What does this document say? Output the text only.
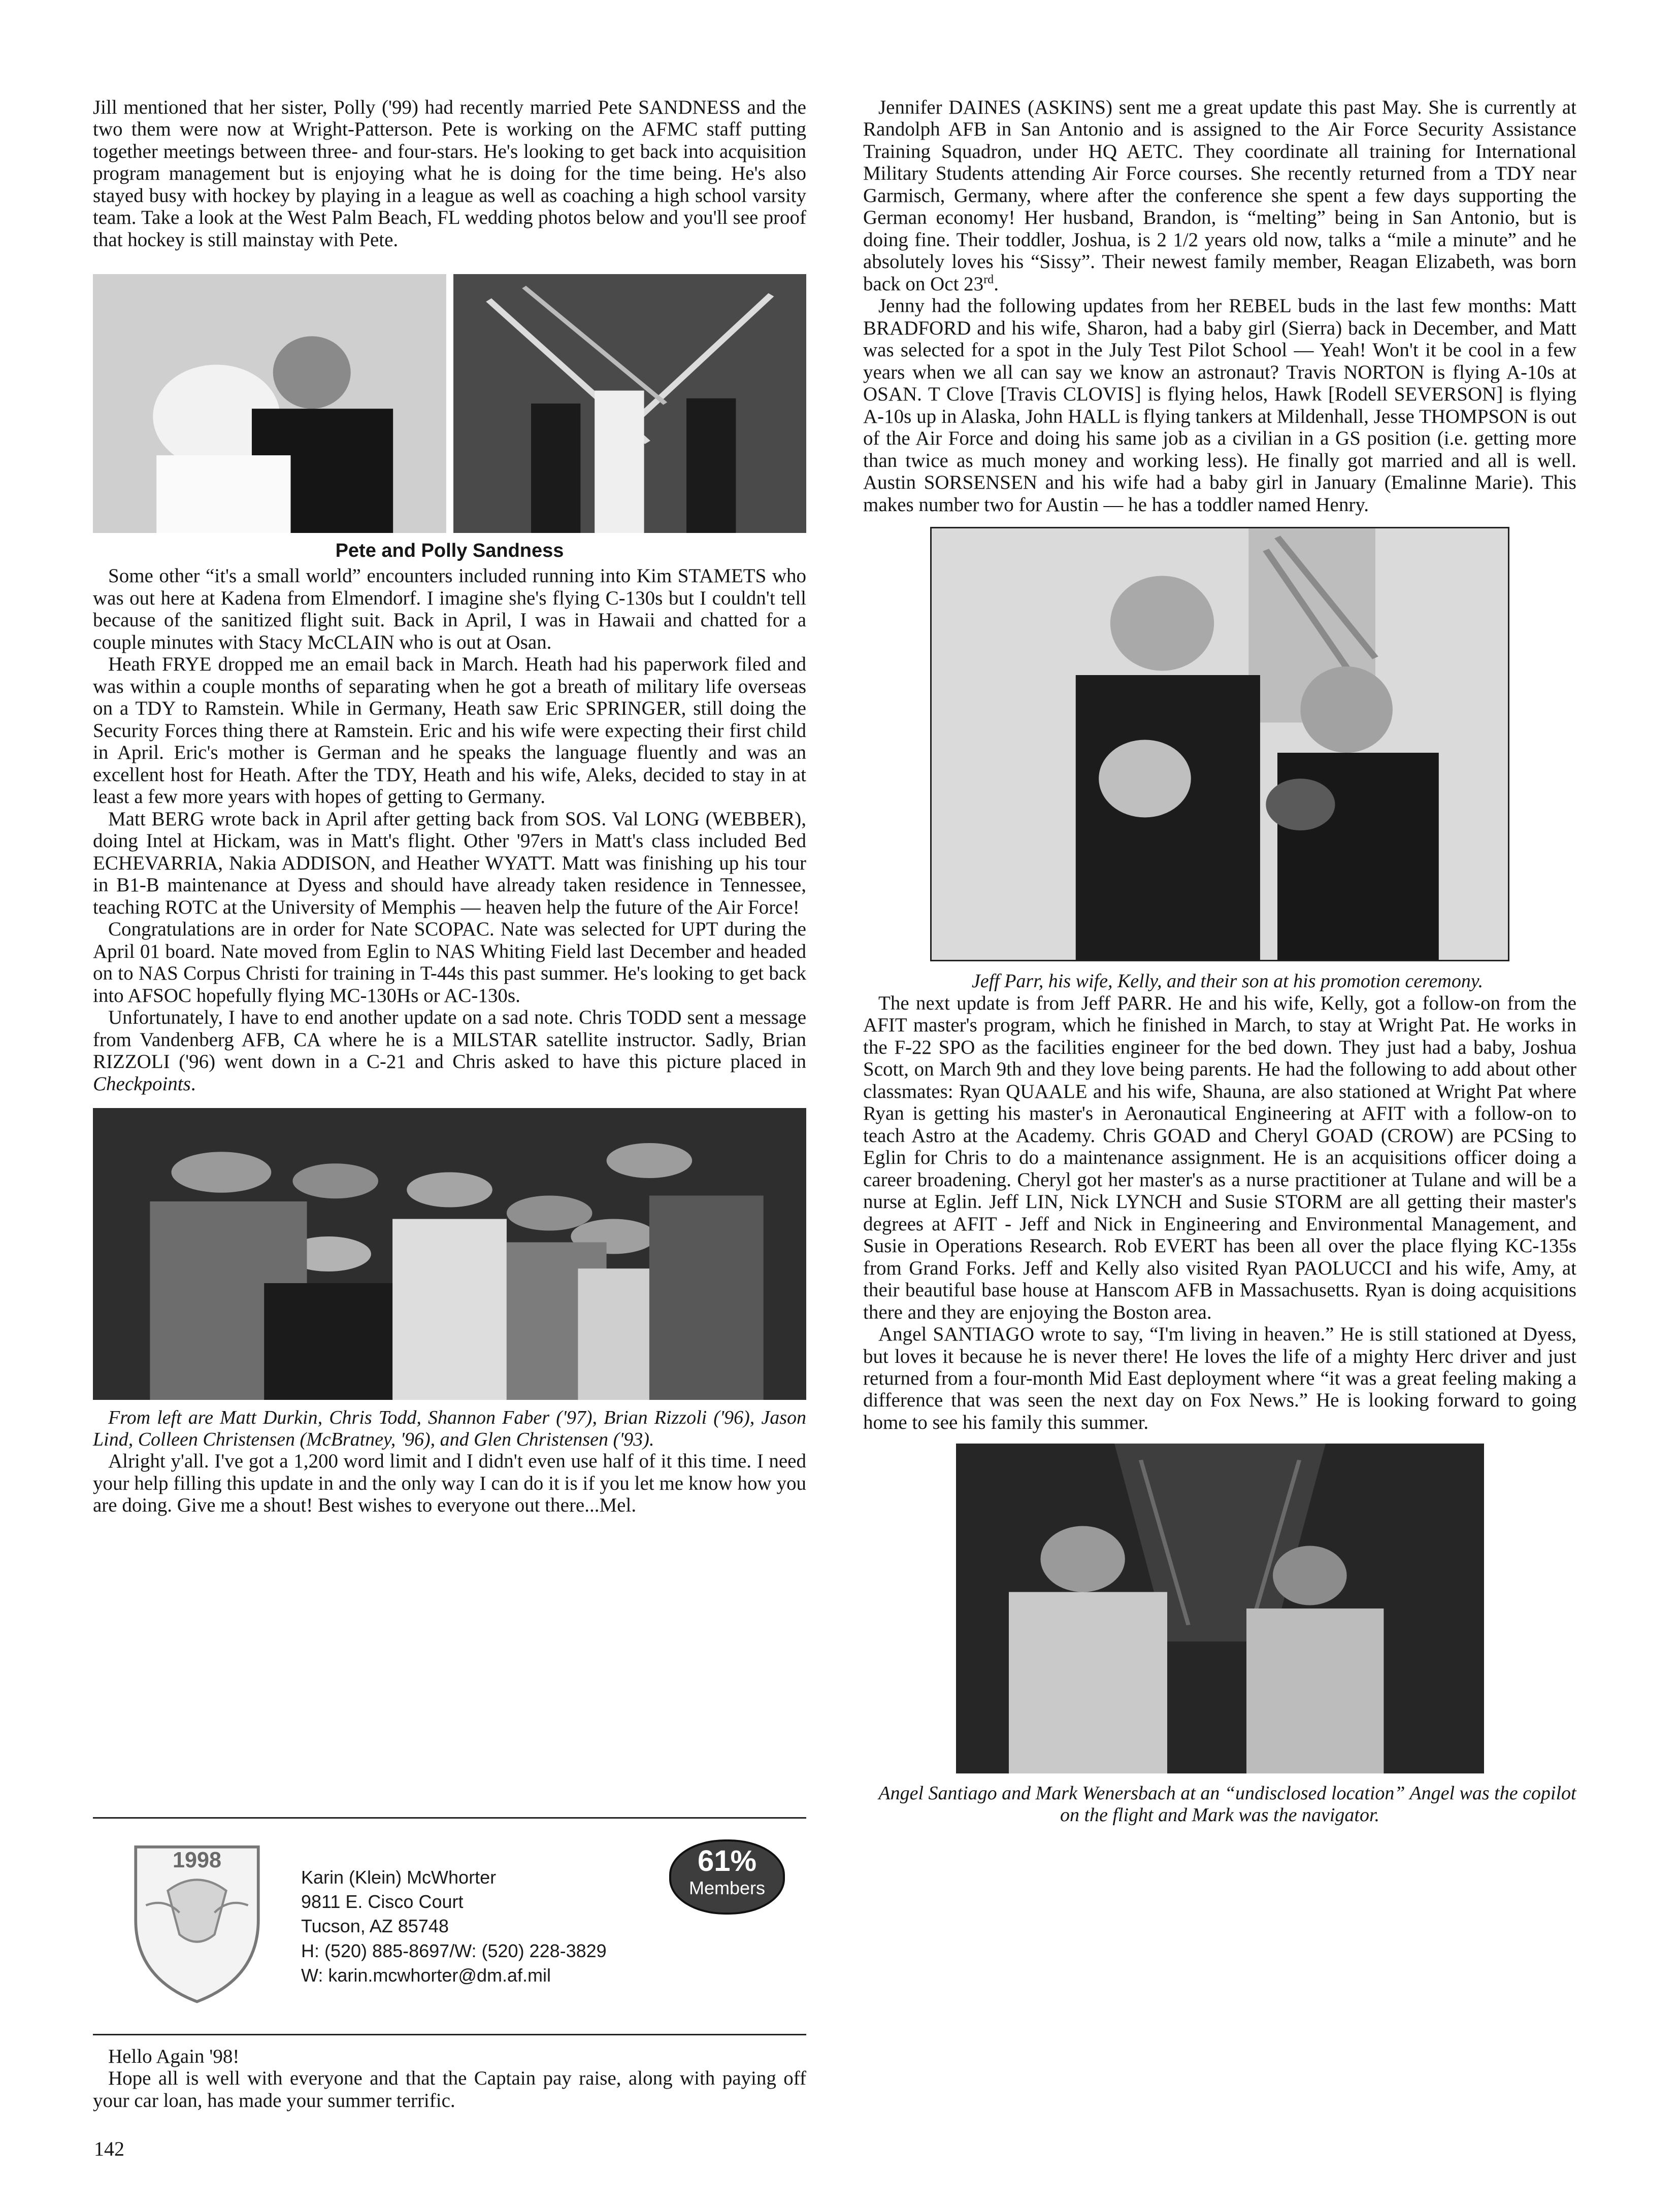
Jill mentioned that her sister, Polly ('99) had recently married Pete SANDNESS and the two them were now at Wright-Patterson. Pete is working on the AFMC staff putting together meetings between three- and four-stars. He's looking to get back into acquisition program management but is enjoying what he is doing for the time being. He's also stayed busy with hockey by playing in a league as well as coaching a high school varsity team. Take a look at the West Palm Beach, FL wedding photos below and you'll see proof that hockey is still mainstay with Pete.

Pete and Polly Sandness

Some other “it's a small world” encounters included running into Kim STAMETS who was out here at Kadena from Elmendorf. I imagine she's flying C-130s but I couldn't tell because of the sanitized flight suit. Back in April, I was in Hawaii and chatted for a couple minutes with Stacy McCLAIN who is out at Osan.

Heath FRYE dropped me an email back in March. Heath had his paperwork filed and was within a couple months of separating when he got a breath of military life overseas on a TDY to Ramstein. While in Germany, Heath saw Eric SPRINGER, still doing the Security Forces thing there at Ramstein. Eric and his wife were expecting their first child in April. Eric's mother is German and he speaks the language fluently and was an excellent host for Heath. After the TDY, Heath and his wife, Aleks, decided to stay in at least a few more years with hopes of getting to Germany.

Matt BERG wrote back in April after getting back from SOS. Val LONG (WEBBER), doing Intel at Hickam, was in Matt's flight. Other '97ers in Matt's class included Bed ECHEVARRIA, Nakia ADDISON, and Heather WYATT. Matt was finishing up his tour in B1-B maintenance at Dyess and should have already taken residence in Tennessee, teaching ROTC at the University of Memphis — heaven help the future of the Air Force!

Congratulations are in order for Nate SCOPAC. Nate was selected for UPT during the April 01 board. Nate moved from Eglin to NAS Whiting Field last December and headed on to NAS Corpus Christi for training in T-44s this past summer. He's looking to get back into AFSOC hopefully flying MC-130Hs or AC-130s.

Unfortunately, I have to end another update on a sad note. Chris TODD sent a message from Vandenberg AFB, CA where he is a MILSTAR satellite instructor. Sadly, Brian RIZZOLI ('96) went down in a C-21 and Chris asked to have this picture placed in Checkpoints.

From left are Matt Durkin, Chris Todd, Shannon Faber ('97), Brian Rizzoli ('96), Jason Lind, Colleen Christensen (McBratney, '96), and Glen Christensen ('93).

Alright y'all. I've got a 1,200 word limit and I didn't even use half of it this time. I need your help filling this update in and the only way I can do it is if you let me know how you are doing. Give me a shout! Best wishes to everyone out there...Mel.

1998
Karin (Klein) McWhorter
9811 E. Cisco Court
Tucson, AZ 85748
H: (520) 885-8697/W: (520) 228-3829
W: karin.mcwhorter@dm.af.mil
61%
Members

Hello Again '98!

Hope all is well with everyone and that the Captain pay raise, along with paying off your car loan, has made your summer terrific.

142

Jennifer DAINES (ASKINS) sent me a great update this past May. She is currently at Randolph AFB in San Antonio and is assigned to the Air Force Security Assistance Training Squadron, under HQ AETC. They coordinate all training for International Military Students attending Air Force courses. She recently returned from a TDY near Garmisch, Germany, where after the conference she spent a few days supporting the German economy! Her husband, Brandon, is “melting” being in San Antonio, but is doing fine. Their toddler, Joshua, is 2 1/2 years old now, talks a “mile a minute” and he absolutely loves his “Sissy”. Their newest family member, Reagan Elizabeth, was born back on Oct 23rd.

Jenny had the following updates from her REBEL buds in the last few months: Matt BRADFORD and his wife, Sharon, had a baby girl (Sierra) back in December, and Matt was selected for a spot in the July Test Pilot School — Yeah! Won't it be cool in a few years when we all can say we know an astronaut? Travis NORTON is flying A-10s at OSAN. T Clove [Travis CLOVIS] is flying helos, Hawk [Rodell SEVERSON] is flying A-10s up in Alaska, John HALL is flying tankers at Mildenhall, Jesse THOMPSON is out of the Air Force and doing his same job as a civilian in a GS position (i.e. getting more than twice as much money and working less). He finally got married and all is well. Austin SORSENSEN and his wife had a baby girl in January (Emalinne Marie). This makes number two for Austin — he has a toddler named Henry.

Jeff Parr, his wife, Kelly, and their son at his promotion ceremony.

The next update is from Jeff PARR. He and his wife, Kelly, got a follow-on from the AFIT master's program, which he finished in March, to stay at Wright Pat. He works in the F-22 SPO as the facilities engineer for the bed down. They just had a baby, Joshua Scott, on March 9th and they love being parents. He had the following to add about other classmates: Ryan QUAALE and his wife, Shauna, are also stationed at Wright Pat where Ryan is getting his master's in Aeronautical Engineering at AFIT with a follow-on to teach Astro at the Academy. Chris GOAD and Cheryl GOAD (CROW) are PCSing to Eglin for Chris to do a maintenance assignment. He is an acquisitions officer doing a career broadening. Cheryl got her master's as a nurse practitioner at Tulane and will be a nurse at Eglin. Jeff LIN, Nick LYNCH and Susie STORM are all getting their master's degrees at AFIT - Jeff and Nick in Engineering and Environmental Management, and Susie in Operations Research. Rob EVERT has been all over the place flying KC-135s from Grand Forks. Jeff and Kelly also visited Ryan PAOLUCCI and his wife, Amy, at their beautiful base house at Hanscom AFB in Massachusetts. Ryan is doing acquisitions there and they are enjoying the Boston area.

Angel SANTIAGO wrote to say, “I'm living in heaven.” He is still stationed at Dyess, but loves it because he is never there! He loves the life of a mighty Herc driver and just returned from a four-month Mid East deployment where “it was a great feeling making a difference that was seen the next day on Fox News.” He is looking forward to going home to see his family this summer.

Angel Santiago and Mark Wenersbach at an “undisclosed location” Angel was the copilot on the flight and Mark was the navigator.
